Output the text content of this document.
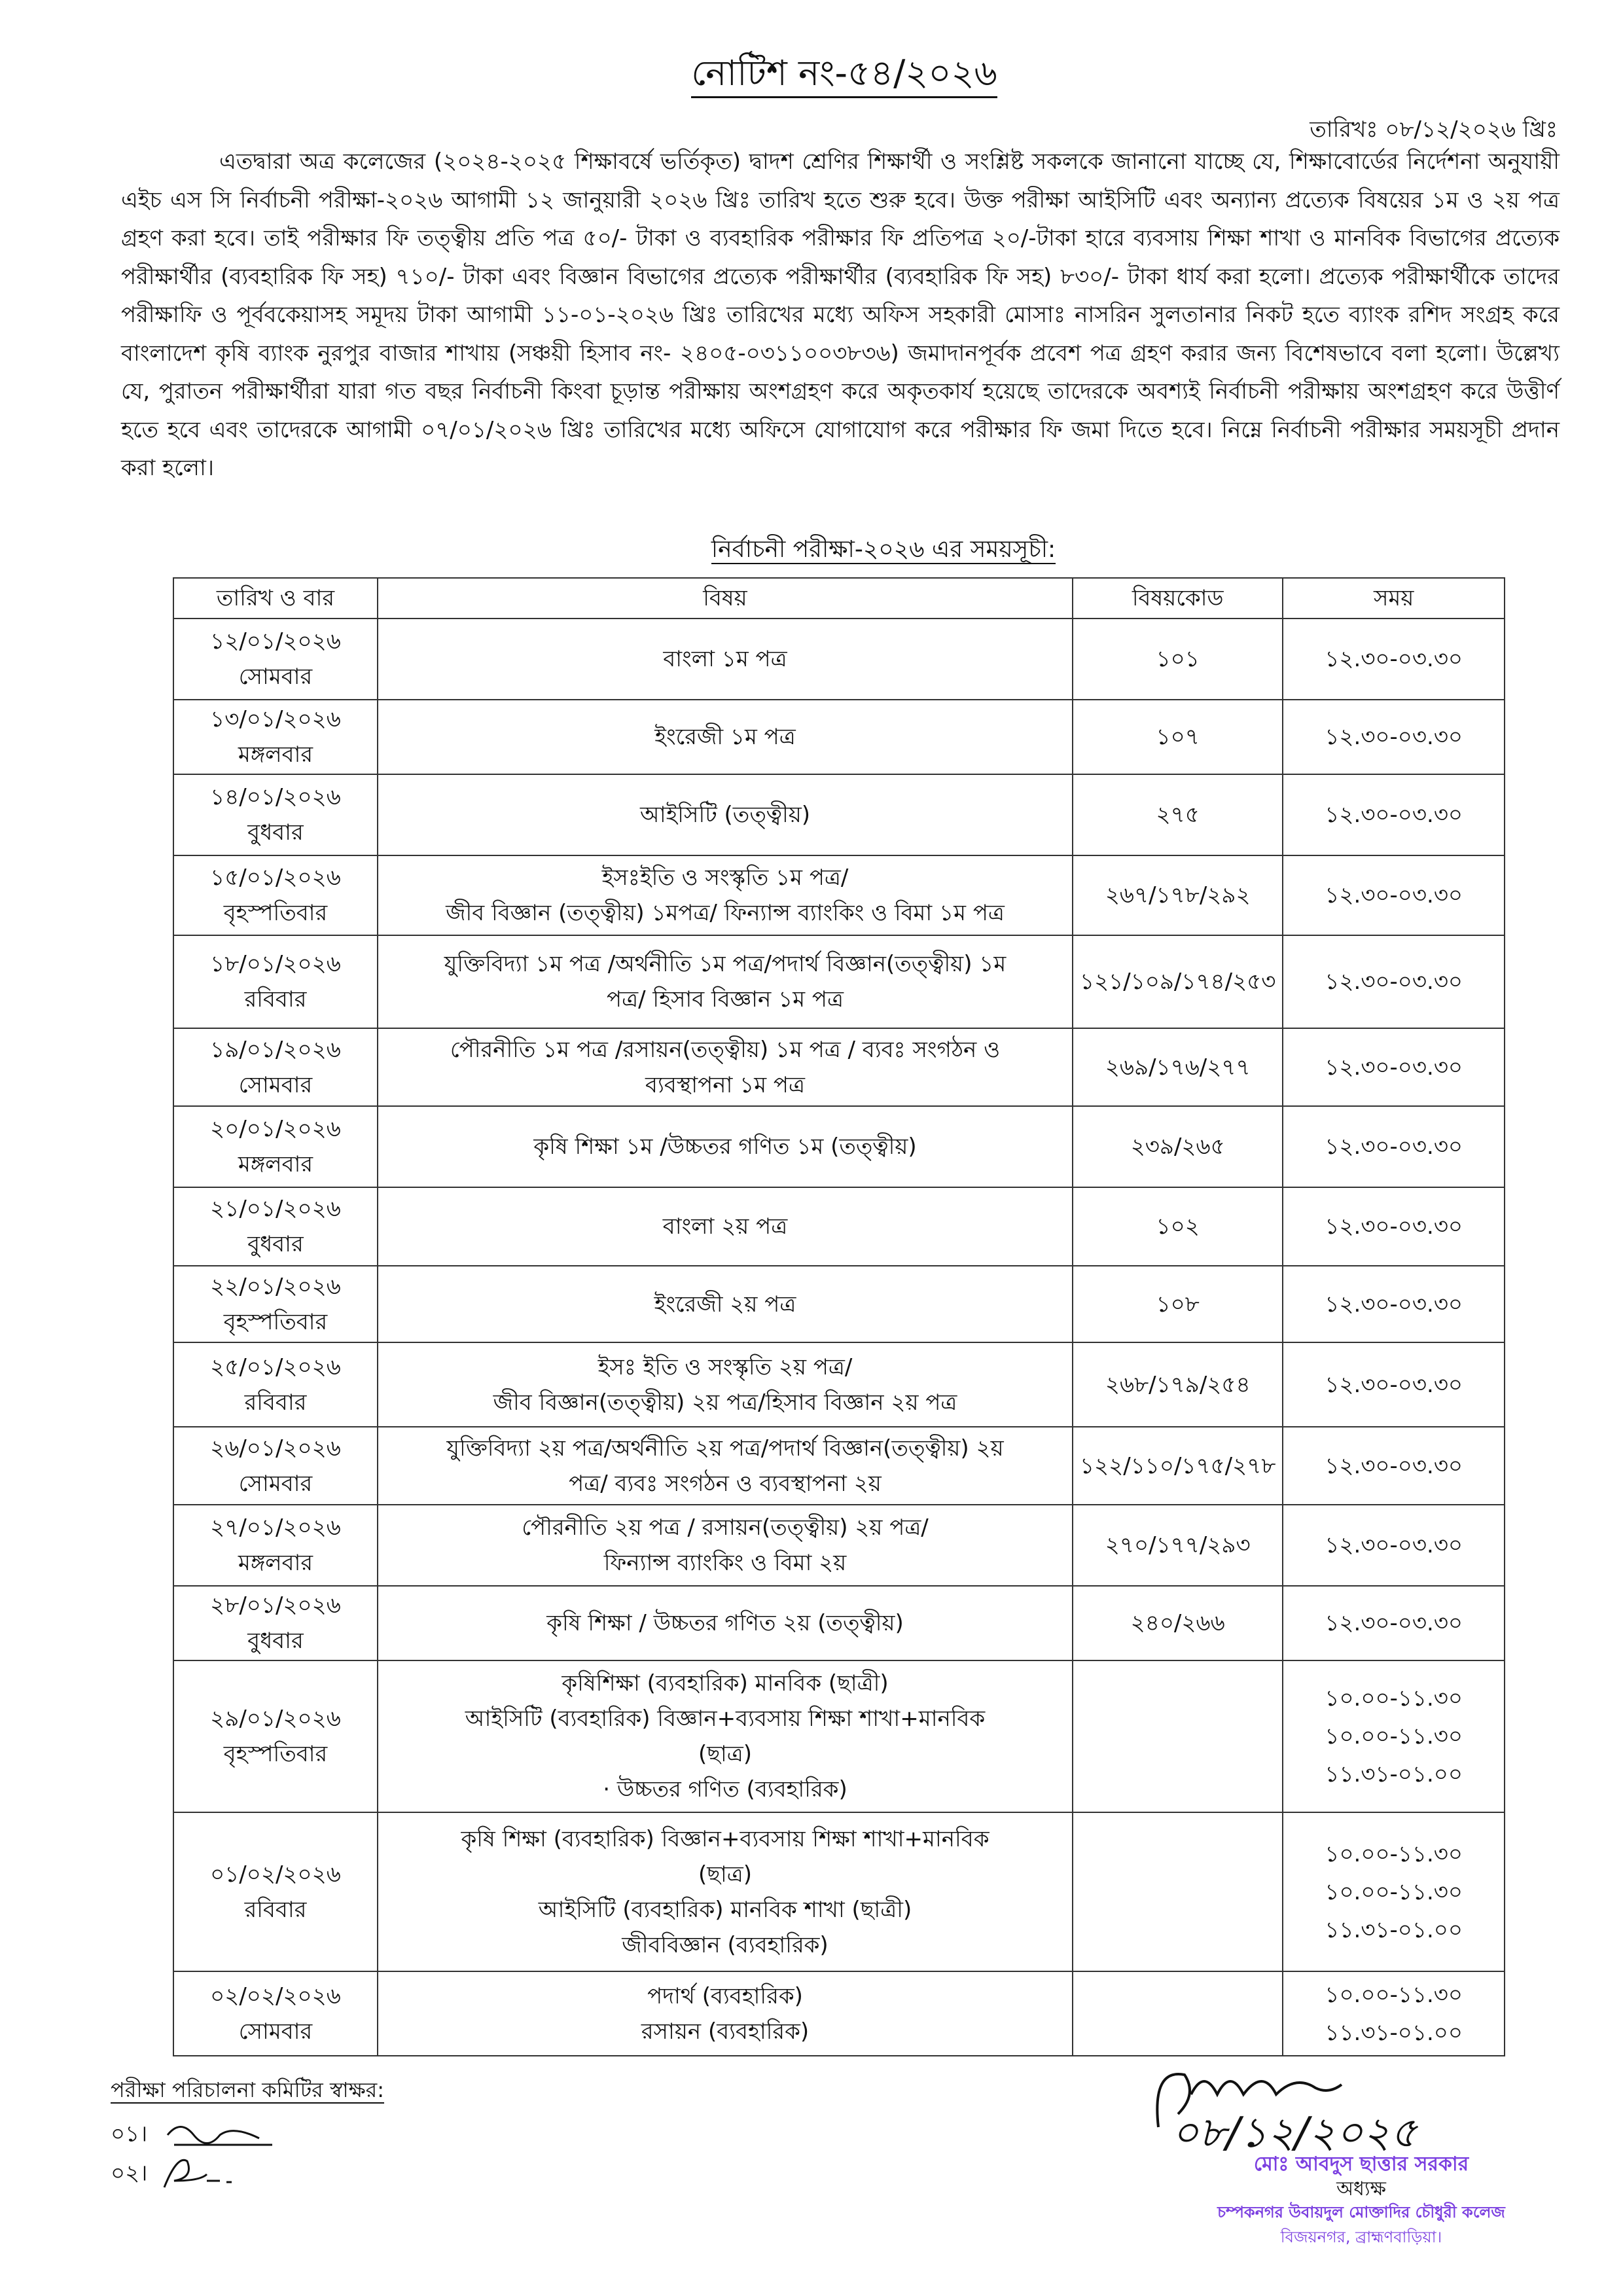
নোটিশ নং-৫৪/২০২৬
তারিখঃ ০৮/১২/২০২৬ খ্রিঃ

এতদ্বারা অত্র কলেজের (২০২৪-২০২৫ শিক্ষাবর্ষে ভর্তিকৃত) দ্বাদশ শ্রেণির শিক্ষার্থী ও সংশ্লিষ্ট সকলকে জানানো যাচ্ছে যে, শিক্ষাবোর্ডের নির্দেশনা অনুযায়ী এইচ এস সি নির্বাচনী পরীক্ষা-২০২৬ আগামী ১২ জানুয়ারী ২০২৬ খ্রিঃ তারিখ হতে শুরু হবে। উক্ত পরীক্ষা আইসিটি এবং অন্যান্য প্রত্যেক বিষয়ের ১ম ও ২য় পত্র গ্রহণ করা হবে। তাই পরীক্ষার ফি তত্ত্বীয় প্রতি পত্র ৫০/- টাকা ও ব্যবহারিক পরীক্ষার ফি প্রতিপত্র ২০/-টাকা হারে ব্যবসায় শিক্ষা শাখা ও মানবিক বিভাগের প্রত্যেক পরীক্ষার্থীর (ব্যবহারিক ফি সহ) ৭১০/- টাকা এবং বিজ্ঞান বিভাগের প্রত্যেক পরীক্ষার্থীর (ব্যবহারিক ফি সহ) ৮৩০/- টাকা ধার্য করা হলো। প্রত্যেক পরীক্ষার্থীকে তাদের পরীক্ষাফি ও পূর্ববকেয়াসহ সমূদয় টাকা আগামী ১১-০১-২০২৬ খ্রিঃ তারিখের মধ্যে অফিস সহকারী মোসাঃ নাসরিন সুলতানার নিকট হতে ব্যাংক রশিদ সংগ্রহ করে বাংলাদেশ কৃষি ব্যাংক নুরপুর বাজার শাখায় (সঞ্চয়ী হিসাব নং- ২৪০৫-০৩১১০০৩৮৩৬) জমাদানপূর্বক প্রবেশ পত্র গ্রহণ করার জন্য বিশেষভাবে বলা হলো। উল্লেখ্য যে, পুরাতন পরীক্ষার্থীরা যারা গত বছর নির্বাচনী কিংবা চূড়ান্ত পরীক্ষায় অংশগ্রহণ করে অকৃতকার্য হয়েছে তাদেরকে অবশ্যই নির্বাচনী পরীক্ষায় অংশগ্রহণ করে উত্তীর্ণ হতে হবে এবং তাদেরকে আগামী ০৭/০১/২০২৬ খ্রিঃ তারিখের মধ্যে অফিসে যোগাযোগ করে পরীক্ষার ফি জমা দিতে হবে। নিম্নে নির্বাচনী পরীক্ষার সময়সূচী প্রদান করা হলো।

নির্বাচনী পরীক্ষা-২০২৬ এর সময়সূচী:
তারিখ ও বার	বিষয়	বিষয়কোড	সময়

১২/০১/২০২৬
সোমবার	বাংলা ১ম পত্র	১০১	১২.৩০-০৩.৩০

১৩/০১/২০২৬
মঙ্গলবার	ইংরেজী ১ম পত্র	১০৭	১২.৩০-০৩.৩০

১৪/০১/২০২৬
বুধবার	আইসিটি (তত্ত্বীয়)	২৭৫	১২.৩০-০৩.৩০

১৫/০১/২০২৬
বৃহস্পতিবার	ইসঃইতি ও সংস্কৃতি ১ম পত্র/
জীব বিজ্ঞান (তত্ত্বীয়) ১মপত্র/ ফিন্যান্স ব্যাংকিং ও বিমা ১ম পত্র	২৬৭/১৭৮/২৯২	১২.৩০-০৩.৩০

১৮/০১/২০২৬
রবিবার	যুক্তিবিদ্যা ১ম পত্র /অর্থনীতি ১ম পত্র/পদার্থ বিজ্ঞান(তত্ত্বীয়) ১ম
পত্র/ হিসাব বিজ্ঞান ১ম পত্র	১২১/১০৯/১৭৪/২৫৩	১২.৩০-০৩.৩০

১৯/০১/২০২৬
সোমবার	পৌরনীতি ১ম পত্র /রসায়ন(তত্ত্বীয়) ১ম পত্র / ব্যবঃ সংগঠন ও
ব্যবস্থাপনা ১ম পত্র	২৬৯/১৭৬/২৭৭	১২.৩০-০৩.৩০

২০/০১/২০২৬
মঙ্গলবার	কৃষি শিক্ষা ১ম /উচ্চতর গণিত ১ম (তত্ত্বীয়)	২৩৯/২৬৫	১২.৩০-০৩.৩০

২১/০১/২০২৬
বুধবার	বাংলা ২য় পত্র	১০২	১২.৩০-০৩.৩০

২২/০১/২০২৬
বৃহস্পতিবার	ইংরেজী ২য় পত্র	১০৮	১২.৩০-০৩.৩০

২৫/০১/২০২৬
রবিবার	ইসঃ ইতি ও সংস্কৃতি ২য় পত্র/
জীব বিজ্ঞান(তত্ত্বীয়) ২য় পত্র/হিসাব বিজ্ঞান ২য় পত্র	২৬৮/১৭৯/২৫৪	১২.৩০-০৩.৩০

২৬/০১/২০২৬
সোমবার	যুক্তিবিদ্যা ২য় পত্র/অর্থনীতি ২য় পত্র/পদার্থ বিজ্ঞান(তত্ত্বীয়) ২য়
পত্র/ ব্যবঃ সংগঠন ও ব্যবস্থাপনা ২য়	১২২/১১০/১৭৫/২৭৮	১২.৩০-০৩.৩০

২৭/০১/২০২৬
মঙ্গলবার	পৌরনীতি ২য় পত্র / রসায়ন(তত্ত্বীয়) ২য় পত্র/
ফিন্যান্স ব্যাংকিং ও বিমা ২য়	২৭০/১৭৭/২৯৩	১২.৩০-০৩.৩০

২৮/০১/২০২৬
বুধবার	কৃষি শিক্ষা / উচ্চতর গণিত ২য় (তত্ত্বীয়)	২৪০/২৬৬	১২.৩০-০৩.৩০

২৯/০১/২০২৬
বৃহস্পতিবার	কৃষিশিক্ষা (ব্যবহারিক) মানবিক (ছাত্রী)
আইসিটি (ব্যবহারিক) বিজ্ঞান+ব্যবসায় শিক্ষা শাখা+মানবিক
(ছাত্র)
· উচ্চতর গণিত (ব্যবহারিক)		১০.০০-১১.৩০
১০.০০-১১.৩০
১১.৩১-০১.০০

০১/০২/২০২৬
রবিবার	কৃষি শিক্ষা (ব্যবহারিক) বিজ্ঞান+ব্যবসায় শিক্ষা শাখা+মানবিক
(ছাত্র)
আইসিটি (ব্যবহারিক) মানবিক শাখা (ছাত্রী)
জীববিজ্ঞান (ব্যবহারিক)		১০.০০-১১.৩০
১০.০০-১১.৩০
১১.৩১-০১.০০

০২/০২/২০২৬
সোমবার	পদার্থ (ব্যবহারিক)
রসায়ন (ব্যবহারিক)		১০.০০-১১.৩০
১১.৩১-০১.০০
পরীক্ষা পরিচালনা কমিটির স্বাক্ষর:
০১।
০২।
০৮/১২/২০২৫
মোঃ আবদুস ছাত্তার সরকার
অধ্যক্ষ
চম্পকনগর উবায়দুল মোক্তাদির চৌধুরী কলেজ
বিজয়নগর, ব্রাহ্মণবাড়িয়া।
